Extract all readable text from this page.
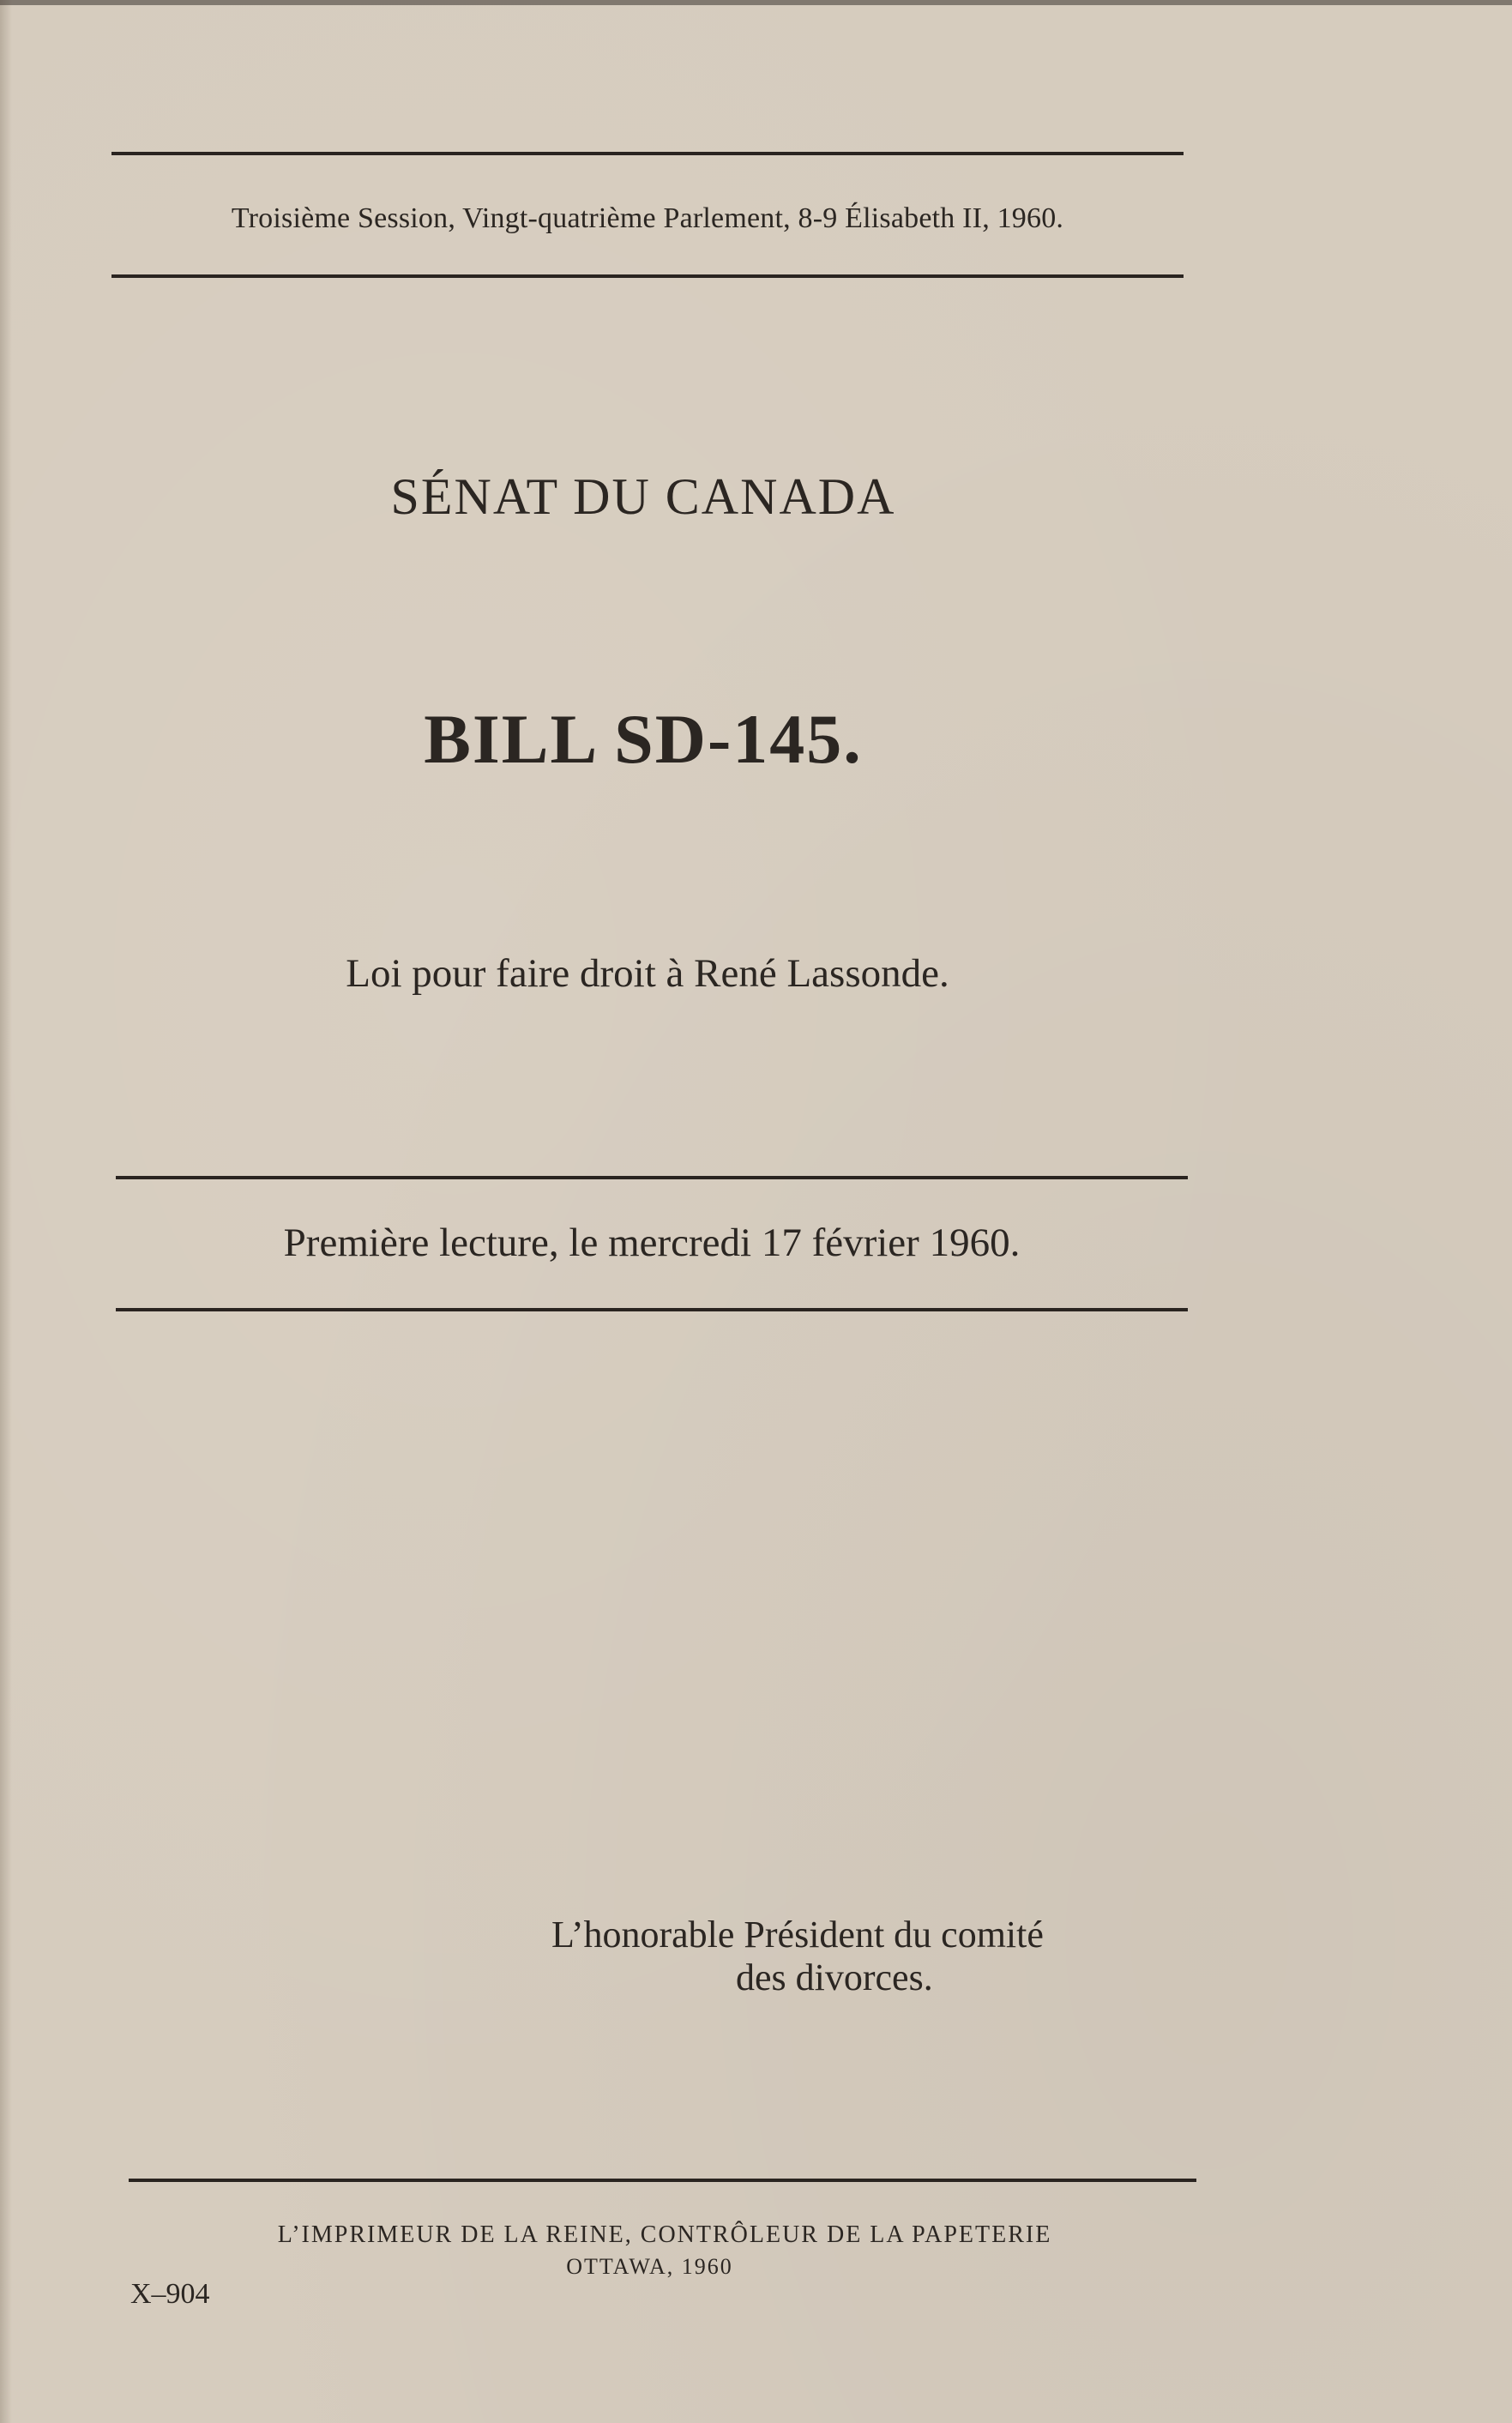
Troisième Session, Vingt-quatrième Parlement, 8-9 Élisabeth II, 1960.
SÉNAT DU CANADA
BILL SD-145.
Loi pour faire droit à René Lassonde.
Première lecture, le mercredi 17 février 1960.
L’honorable Président du comité
des divorces.
L’IMPRIMEUR DE LA REINE, CONTRÔLEUR DE LA PAPETERIE
OTTAWA, 1960
X–904
